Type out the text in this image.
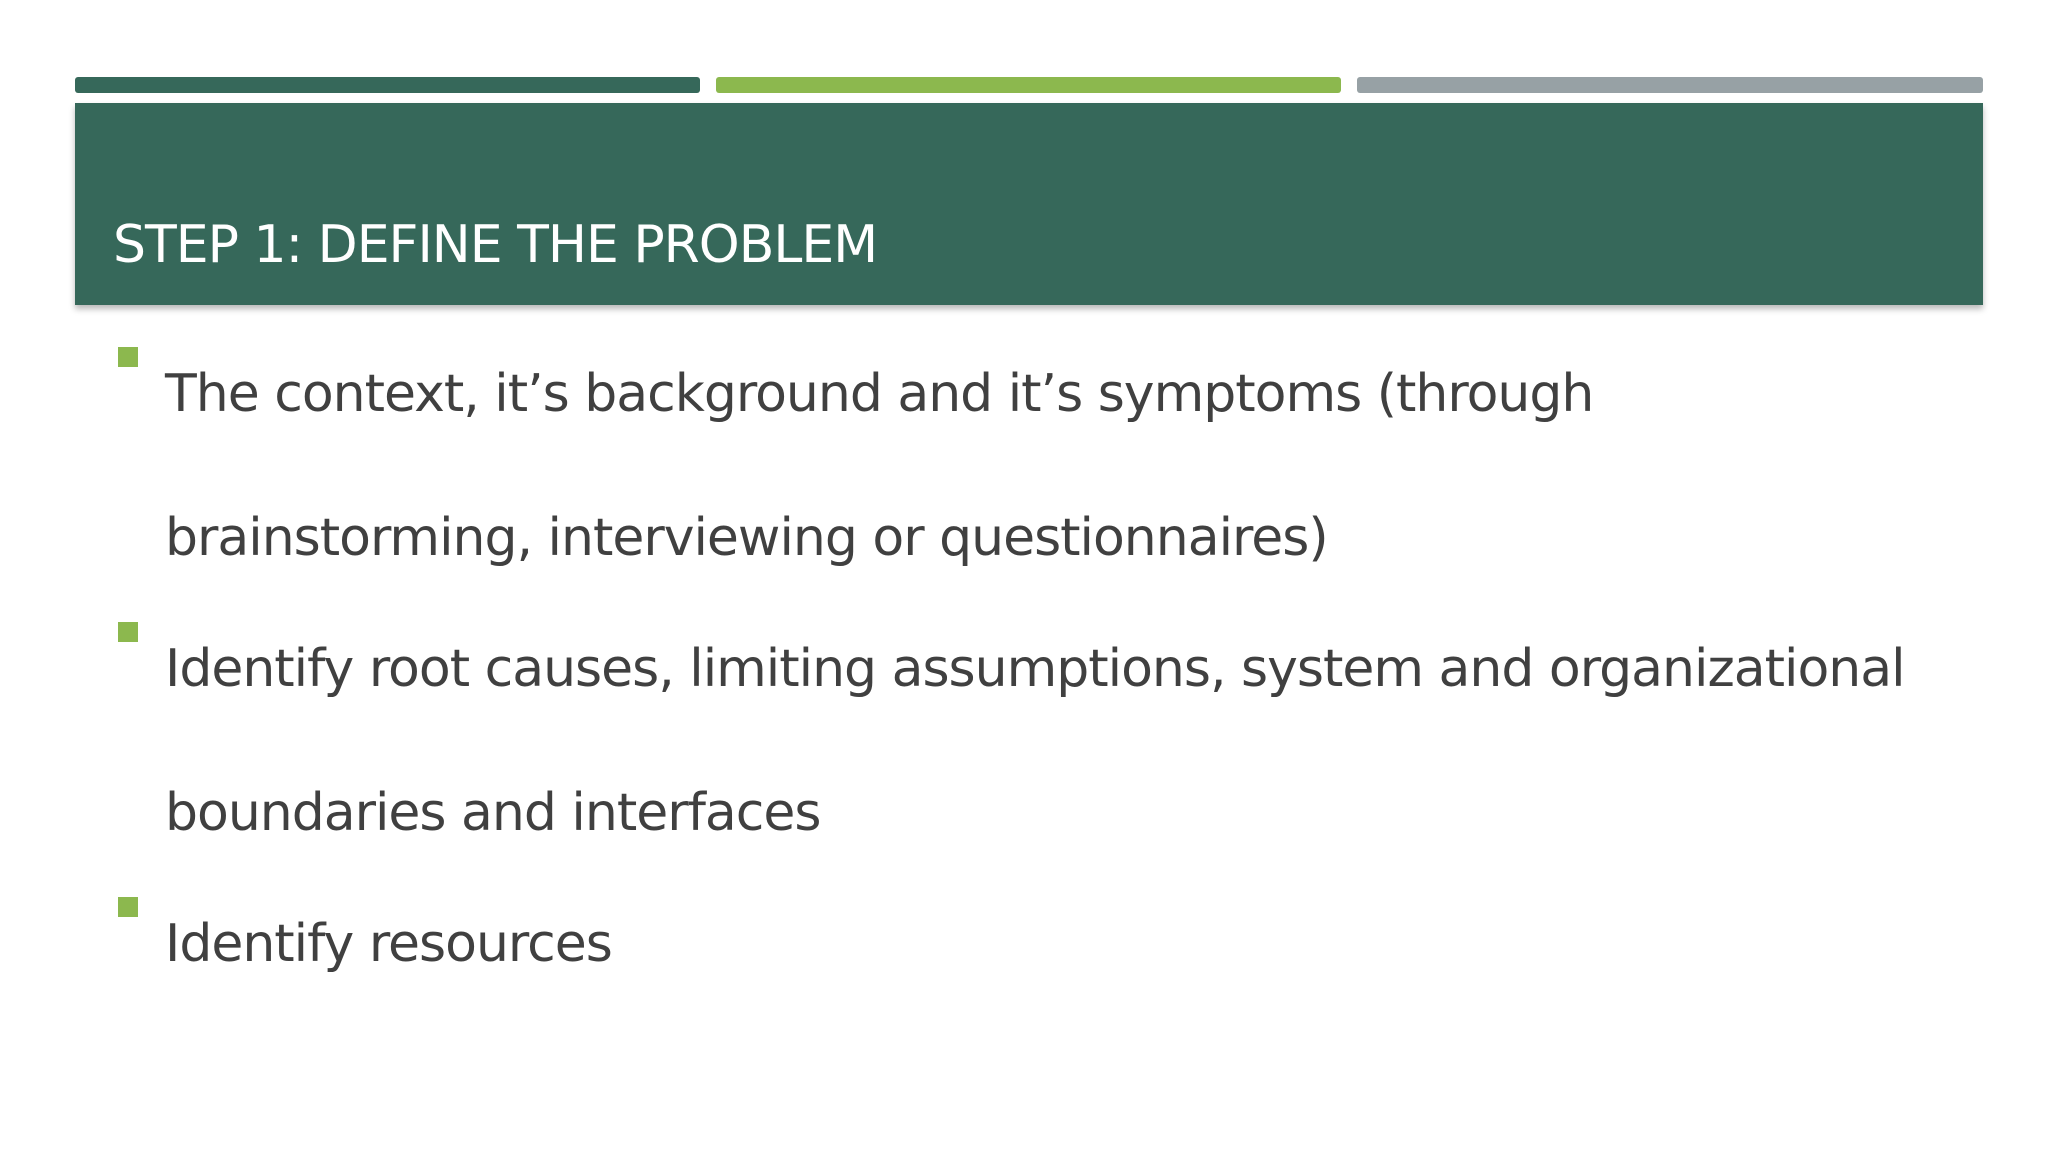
STEP 1: DEFINE THE PROBLEM
The context, it’s background and it’s symptoms (through brainstorming, interviewing or questionnaires)
Identify root causes, limiting assumptions, system and organizational boundaries and interfaces
Identify resources
